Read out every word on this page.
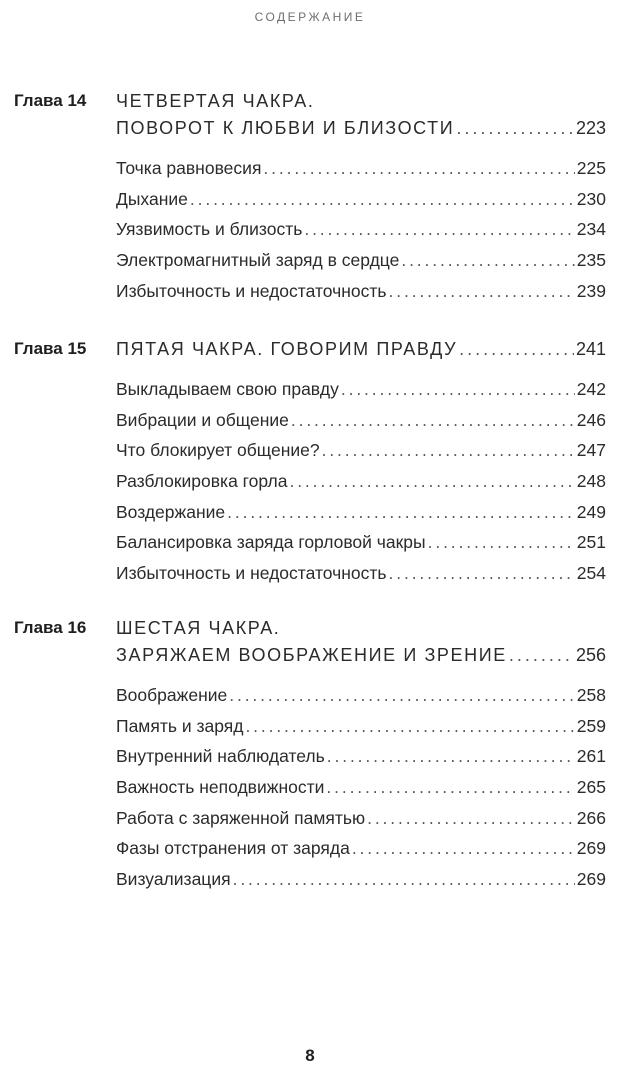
СОДЕРЖАНИЕ
Глава 14 ЧЕТВЕРТАЯ ЧАКРА.
ПОВОРОТ К ЛЮБВИ И БЛИЗОСТИ . . .	223
Точка равновесия . . .	225
Дыхание . . .	230
Уязвимость и близость . . .	234
Электромагнитный заряд в сердце . . .	235
Избыточность и недостаточность . . .	239
Глава 15 ПЯТАЯ ЧАКРА. ГОВОРИМ ПРАВДУ . . .	241
Выкладываем свою правду . . .	242
Вибрации и общение . . .	246
Что блокирует общение? . . .	247
Разблокировка горла . . .	248
Воздержание . . .	249
Балансировка заряда горловой чакры . . .	251
Избыточность и недостаточность . . .	254
Глава 16 ШЕСТАЯ ЧАКРА.
ЗАРЯЖАЕМ ВООБРАЖЕНИЕ И ЗРЕНИЕ . . .	256
Воображение . . .	258
Память и заряд . . .	259
Внутренний наблюдатель . . .	261
Важность неподвижности . . .	265
Работа с заряженной памятью . . .	266
Фазы отстранения от заряда . . .	269
Визуализация . . .	269
8
